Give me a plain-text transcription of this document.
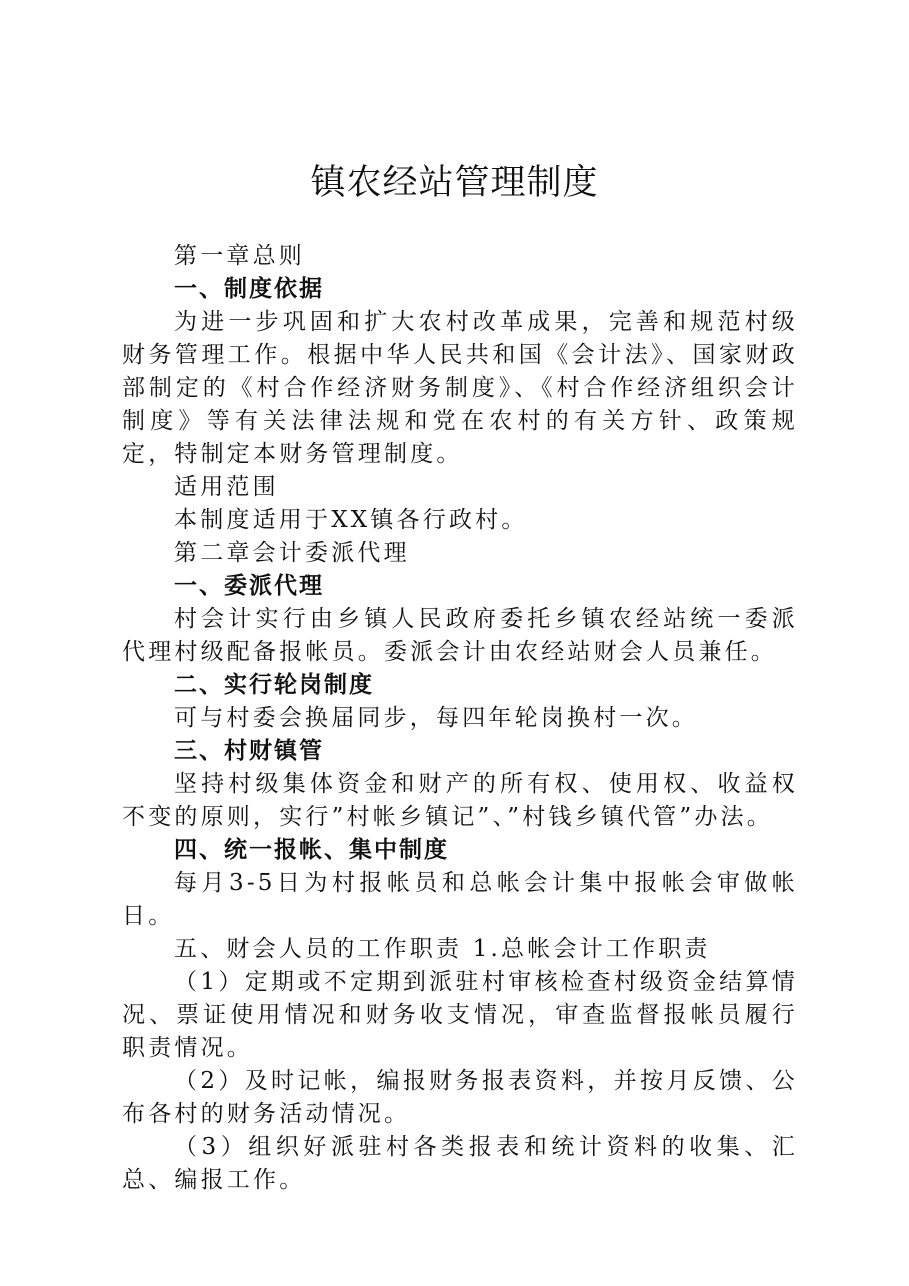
镇农经站管理制度

第一章总则

一、制度依据

为进一步巩固和扩大农村改革成果，完善和规范村级财务管理工作。根据中华人民共和国《会计法》、国家财政部制定的《村合作经济财务制度》、《村合作经济组织会计制度》等有关法律法规和党在农村的有关方针、政策规定，特制定本财务管理制度。

适用范围

本制度适用于XX镇各行政村。

第二章会计委派代理

一、委派代理

村会计实行由乡镇人民政府委托乡镇农经站统一委派代理村级配备报帐员。委派会计由农经站财会人员兼任。

二、实行轮岗制度

可与村委会换届同步，每四年轮岗换村一次。

三、村财镇管

坚持村级集体资金和财产的所有权、使用权、收益权不变的原则，实行”村帐乡镇记”、”村钱乡镇代管”办法。

四、统一报帐、集中制度

每月3-5日为村报帐员和总帐会计集中报帐会审做帐日。

五、财会人员的工作职责 1.总帐会计工作职责

（1）定期或不定期到派驻村审核检查村级资金结算情况、票证使用情况和财务收支情况，审查监督报帐员履行职责情况。

（2）及时记帐，编报财务报表资料，并按月反馈、公布各村的财务活动情况。

（3）组织好派驻村各类报表和统计资料的收集、汇总、编报工作。
